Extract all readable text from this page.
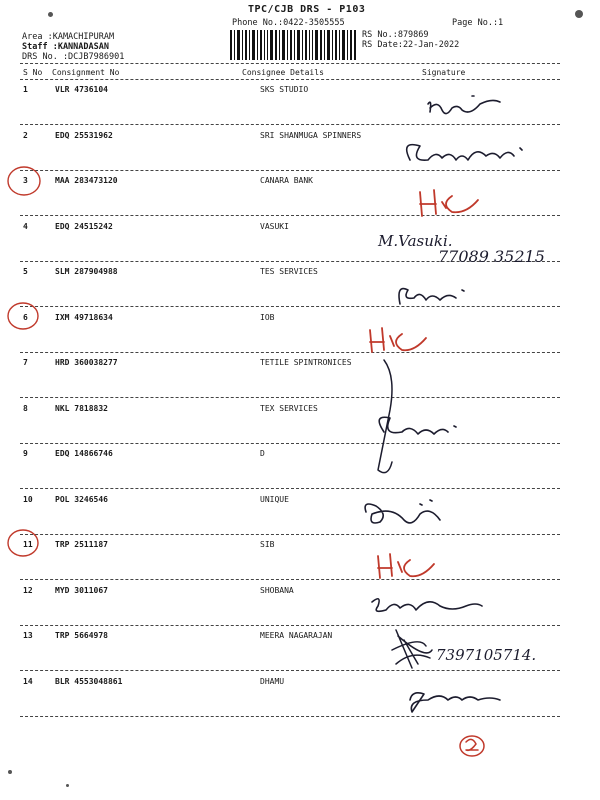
TPC/CJB DRS - P103
Phone No.:0422-3505555	Page No.:1
RS No.:879869
RS Date:22-Jan-2022
Area :KAMACHIPURAM
Staff :KANNADASAN
DRS No. :DCJB7986901
S No Consignment No	Consignee Details	Signature
1	VLR 4736104	SKS STUDIO
2	EDQ 25531962	SRI SHANMUGA SPINNERS
3	MAA 283473120	CANARA BANK
4	EDQ 24515242	VASUKI
5	SLM 287904988	TES SERVICES
6	IXM 49718634	IOB
7	HRD 360038277	TETILE SPINTRONICES
8	NKL 7818832	TEX SERVICES
9	EDQ 14866746	D
10	POL 3246546	UNIQUE
11	TRP 2511187	SIB
12	MYD 3011067	SHOBANA
13	TRP 5664978	MEERA NAGARAJAN
14	BLR 4553048861	DHAMU
M.Vasuki.
77089 35215
7397105714.
